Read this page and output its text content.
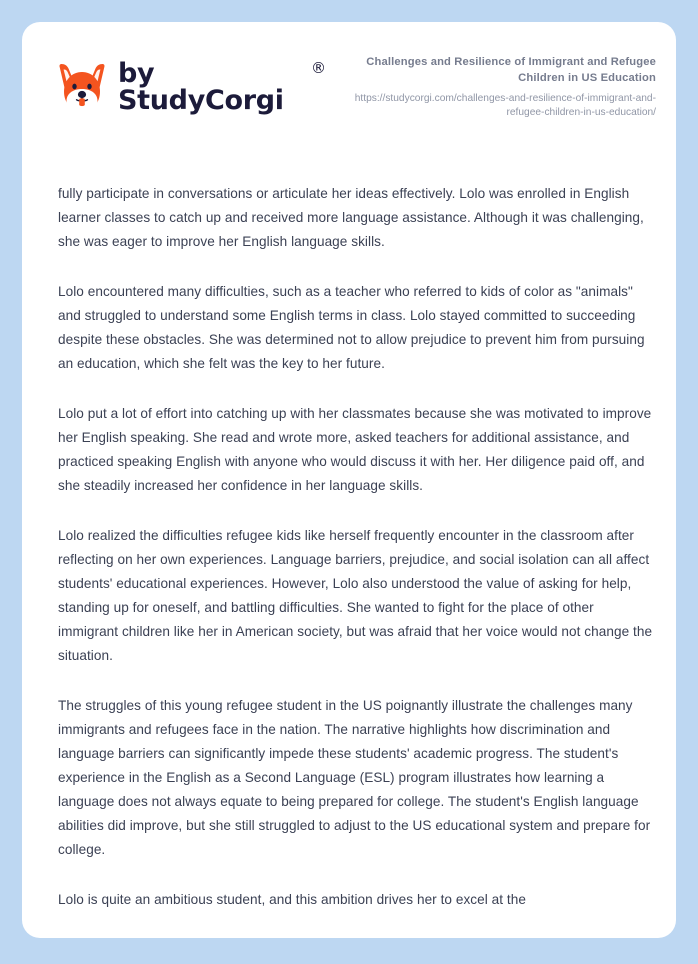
by StudyCorgi
®	Challenges and Resilience of Immigrant and Refugee Children in US Education
https://studycorgi.com/challenges-and-resilience-of-immigrant-and-refugee-children-in-us-education/

fully participate in conversations or articulate her ideas effectively. Lolo was enrolled in English learner classes to catch up and received more language assistance. Although it was challenging, she was eager to improve her English language skills.

Lolo encountered many difficulties, such as a teacher who referred to kids of color as "animals" and struggled to understand some English terms in class. Lolo stayed committed to succeeding despite these obstacles. She was determined not to allow prejudice to prevent him from pursuing an education, which she felt was the key to her future.

Lolo put a lot of effort into catching up with her classmates because she was motivated to improve her English speaking. She read and wrote more, asked teachers for additional assistance, and practiced speaking English with anyone who would discuss it with her. Her diligence paid off, and she steadily increased her confidence in her language skills.

Lolo realized the difficulties refugee kids like herself frequently encounter in the classroom after reflecting on her own experiences. Language barriers, prejudice, and social isolation can all affect students' educational experiences. However, Lolo also understood the value of asking for help, standing up for oneself, and battling difficulties. She wanted to fight for the place of other immigrant children like her in American society, but was afraid that her voice would not change the situation.

The struggles of this young refugee student in the US poignantly illustrate the challenges many immigrants and refugees face in the nation. The narrative highlights how discrimination and language barriers can significantly impede these students' academic progress. The student's experience in the English as a Second Language (ESL) program illustrates how learning a language does not always equate to being prepared for college. The student's English language abilities did improve, but she still struggled to adjust to the US educational system and prepare for college.

Lolo is quite an ambitious student, and this ambition drives her to excel at the
